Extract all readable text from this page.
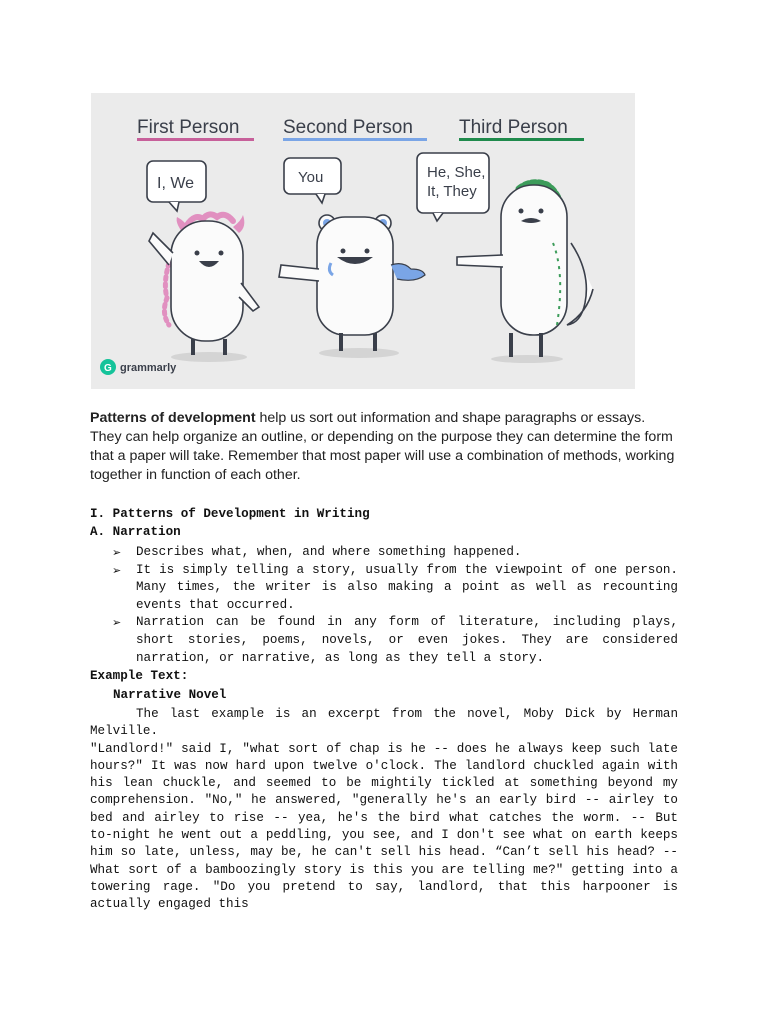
First Person Second Person Third Person
I, We	You	He, She,
It, They
G grammarly
Patterns of development help us sort out information and shape paragraphs or essays. They can help organize an outline, or depending on the purpose they can determine the form that a paper will take. Remember that most paper will use a combination of methods, working together in function of each other.
I. Patterns of Development in Writing
A. Narration
➢ Describes what, when, and where something happened.
➢ It is simply telling a story, usually from the viewpoint of one person. Many times, the writer is also making a point as well as recounting events that occurred.
➢ Narration can be found in any form of literature, including plays, short stories, poems, novels, or even jokes. They are considered narration, or narrative, as long as they tell a story.
Example Text:
Narrative Novel

The last example is an excerpt from the novel, Moby Dick by Herman Melville.

"Landlord!" said I, "what sort of chap is he -- does he always keep such late hours?" It was now hard upon twelve o'clock. The landlord chuckled again with his lean chuckle, and seemed to be mightily tickled at something beyond my comprehension. "No," he answered, "generally he's an early bird -- airley to bed and airley to rise -- yea, he's the bird what catches the worm. -- But to-night he went out a peddling, you see, and I don't see what on earth keeps him so late, unless, may be, he can't sell his head. “Can’t sell his head? -- What sort of a bamboozingly story is this you are telling me?" getting into a towering rage. "Do you pretend to say, landlord, that this harpooner is actually engaged this
